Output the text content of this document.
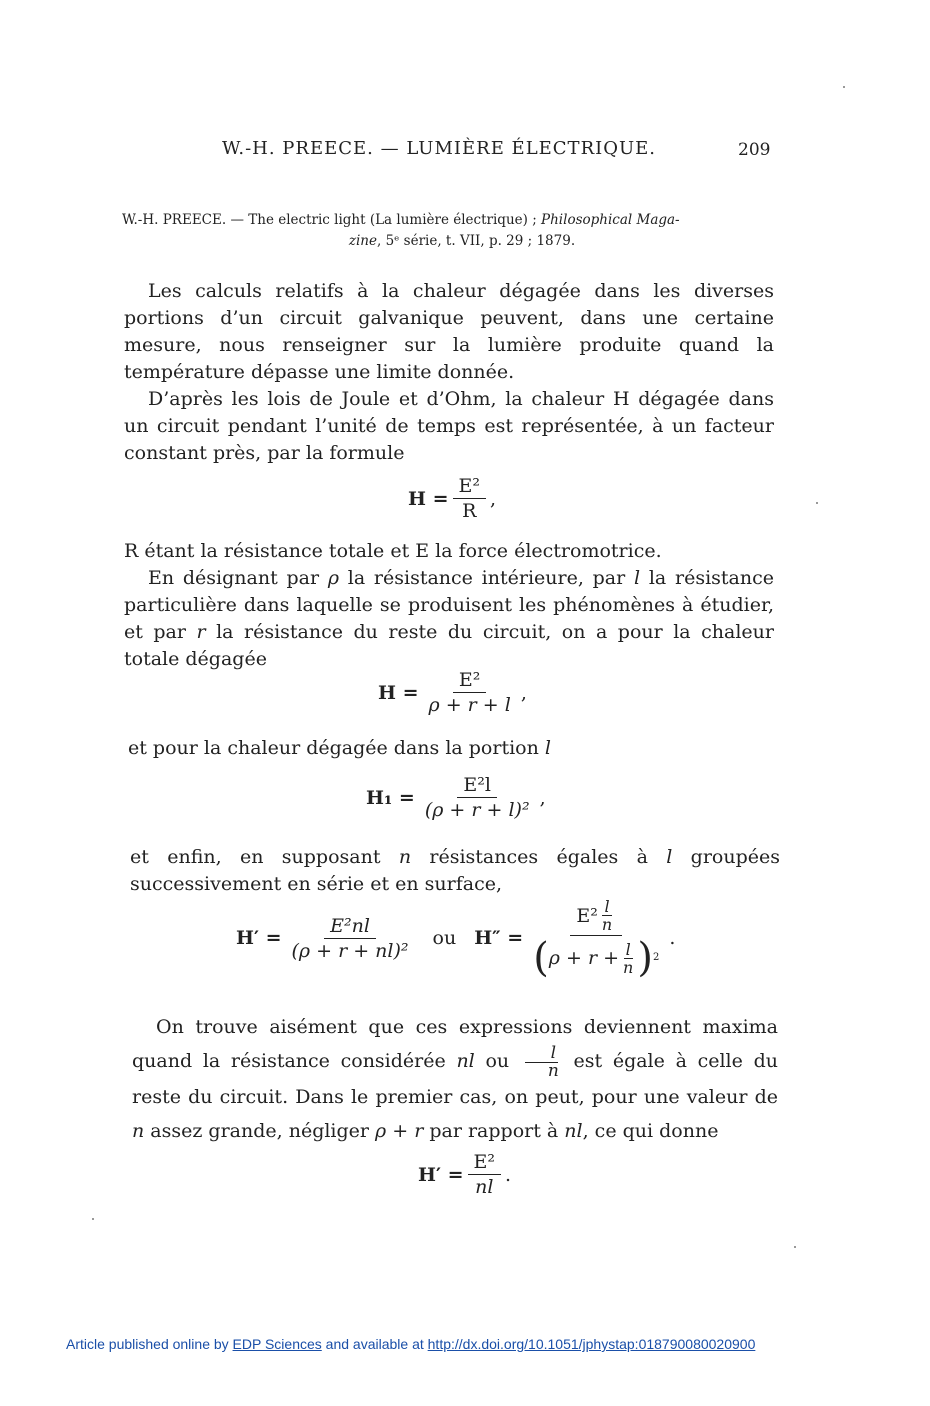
W.-H. PREECE. — LUMIÈRE ÉLECTRIQUE.	209
W.-H. PREECE. — The electric light (La lumière électrique) ; Philosophical Maga-
zine, 5ᵉ série, t. VII, p. 29 ; 1879.
Les calculs relatifs à la chaleur dégagée dans les diverses portions d’un circuit galvanique peuvent, dans une certaine mesure, nous renseigner sur la lumière produite quand la température dépasse une limite donnée.
D’après les lois de Joule et d’Ohm, la chaleur H dégagée dans un circuit pendant l’unité de temps est représentée, à un facteur constant près, par la formule
$H = \frac{\text{E²}}{R}$ ,
R étant la résistance totale et E la force électromotrice.
En désignant par ρ la résistance intérieure, par l la résistance particulière dans laquelle se produisent les phénomènes à étudier, et par r la résistance du reste du circuit, on a pour la chaleur totale dégagée
$H = \frac{\text{E²}}{\rho + r + l}$ ,
et pour la chaleur dégagée dans la portion l
$H_1 = \frac{\text{E²l}}{\text{(ρ + r + l)²}}$ ,
et enfin, en supposant n résistances égales à l groupées successivement en série et en surface,
$H' = \frac{\text{E²nl}}{\text{(ρ + r + nl)²}}$ ou $H'' = \frac{E^2 \frac{l}{n}}{( \rho + r + \frac{l}{n} ) 2}$ .
On trouve aisément que ces expressions deviennent maxima quand la résistance considérée nl ou $\frac{l}{n}$ est égale à celle du reste du circuit. Dans le premier cas, on peut, pour une valeur de n assez grande, négliger ρ + r par rapport à nl, ce qui donne
$H' = \frac{\text{E²}}{nl}$ .
Article published online by EDP Sciences and available at http://dx.doi.org/10.1051/jphystap:018790080020900
